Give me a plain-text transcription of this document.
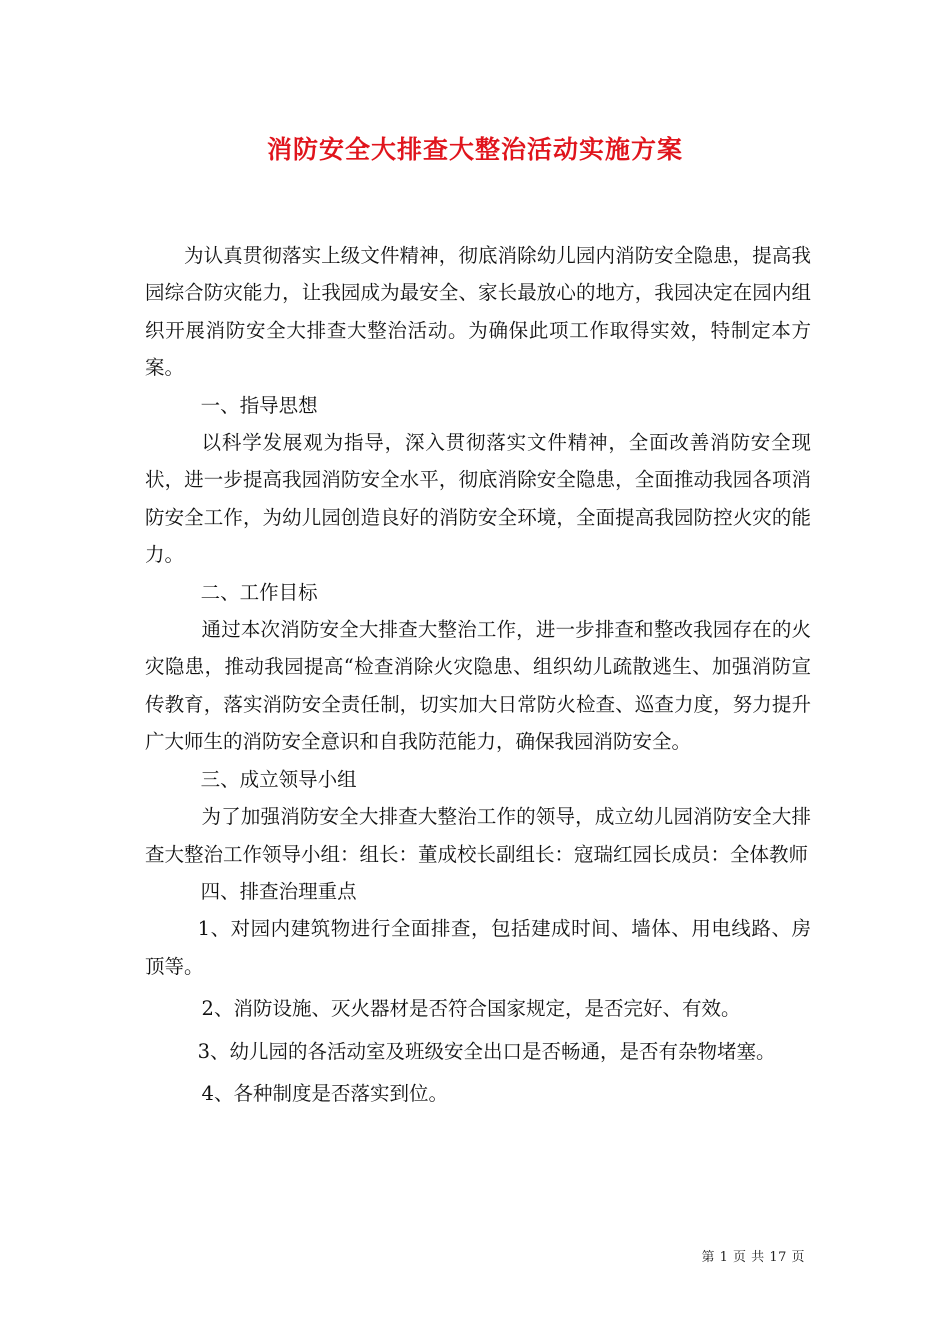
消防安全大排查大整治活动实施方案

为认真贯彻落实上级文件精神，彻底消除幼儿园内消防安全隐患，提高我园综合防灾能力，让我园成为最安全、家长最放心的地方，我园决定在园内组织开展消防安全大排查大整治活动。为确保此项工作取得实效，特制定本方案。

一、指导思想

以科学发展观为指导，深入贯彻落实文件精神，全面改善消防安全现状，进一步提高我园消防安全水平，彻底消除安全隐患，全面推动我园各项消防安全工作，为幼儿园创造良好的消防安全环境，全面提高我园防控火灾的能力。

二、工作目标

通过本次消防安全大排查大整治工作，进一步排查和整改我园存在的火灾隐患，推动我园提高“检查消除火灾隐患、组织幼儿疏散逃生、加强消防宣传教育，落实消防安全责任制，切实加大日常防火检查、巡查力度，努力提升广大师生的消防安全意识和自我防范能力，确保我园消防安全。

三、成立领导小组

为了加强消防安全大排查大整治工作的领导，成立幼儿园消防安全大排查大整治工作领导小组：组长：董成校长副组长：寇瑞红园长成员：全体教师

四、排查治理重点

1、对园内建筑物进行全面排查，包括建成时间、墙体、用电线路、房顶等。

2、消防设施、灭火器材是否符合国家规定，是否完好、有效。

3、幼儿园的各活动室及班级安全出口是否畅通，是否有杂物堵塞。

4、各种制度是否落实到位。

第 1 页 共 17 页
